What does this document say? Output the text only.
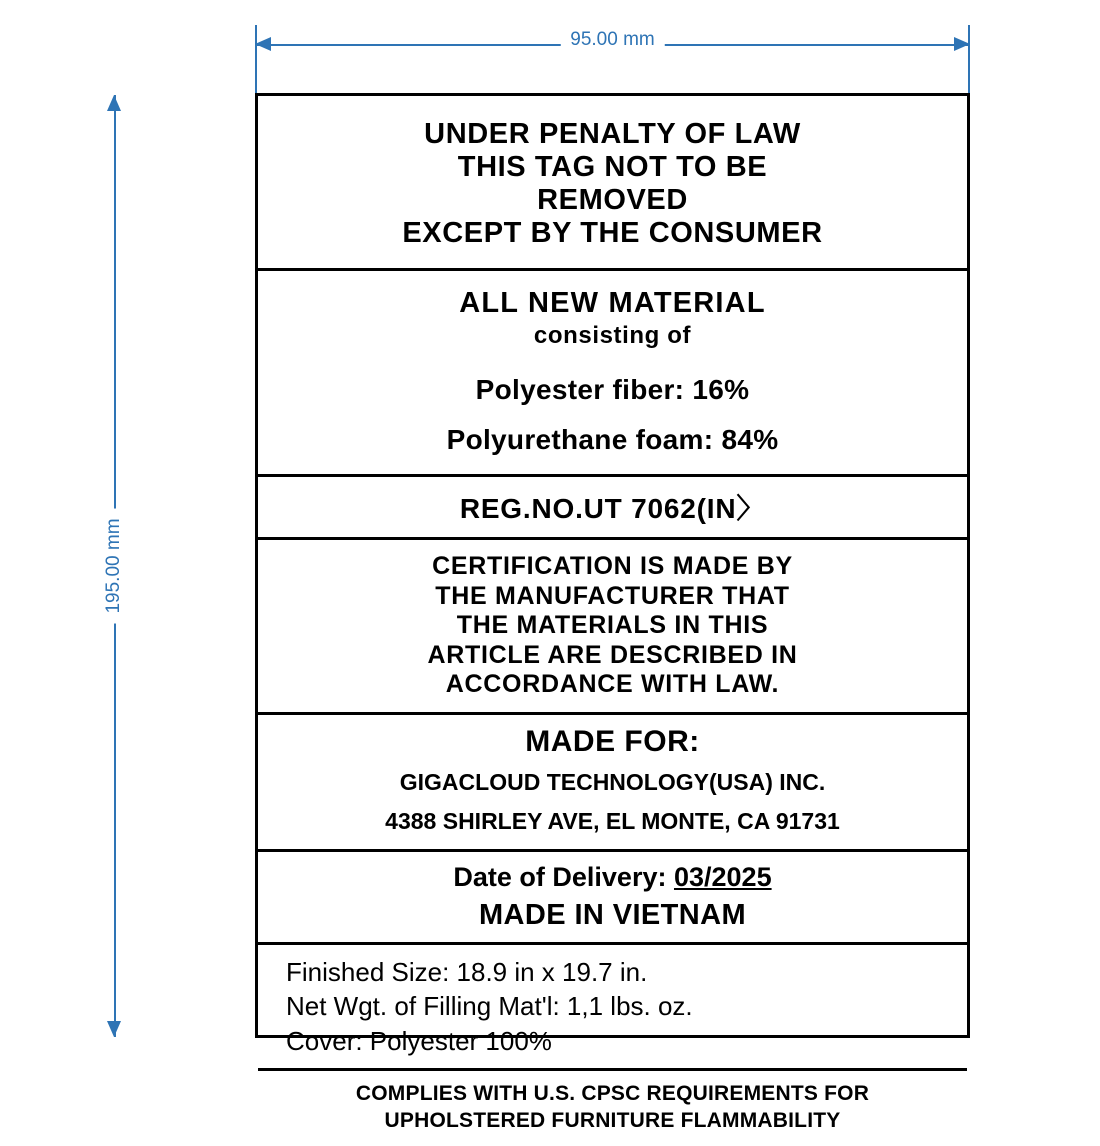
95.00 mm
195.00 mm
UNDER PENALTY OF LAW
THIS TAG NOT TO BE
REMOVED
EXCEPT BY THE CONSUMER
ALL NEW MATERIAL
consisting of
Polyester fiber: 16%
Polyurethane foam: 84%
REG.NO.UT 7062(IN〉
CERTIFICATION IS MADE BY
THE MANUFACTURER THAT
THE MATERIALS IN THIS
ARTICLE ARE DESCRIBED IN
ACCORDANCE WITH LAW.
MADE FOR:
GIGACLOUD TECHNOLOGY(USA) INC.
4388 SHIRLEY AVE, EL MONTE, CA 91731
Date of Delivery: 03/2025
MADE IN VIETNAM
Finished Size: 18.9 in x 19.7 in.
Net Wgt. of Filling Mat'l: 1,1 lbs. oz.
Cover: Polyester 100%
COMPLIES WITH U.S. CPSC REQUIREMENTS FOR
UPHOLSTERED FURNITURE FLAMMABILITY
